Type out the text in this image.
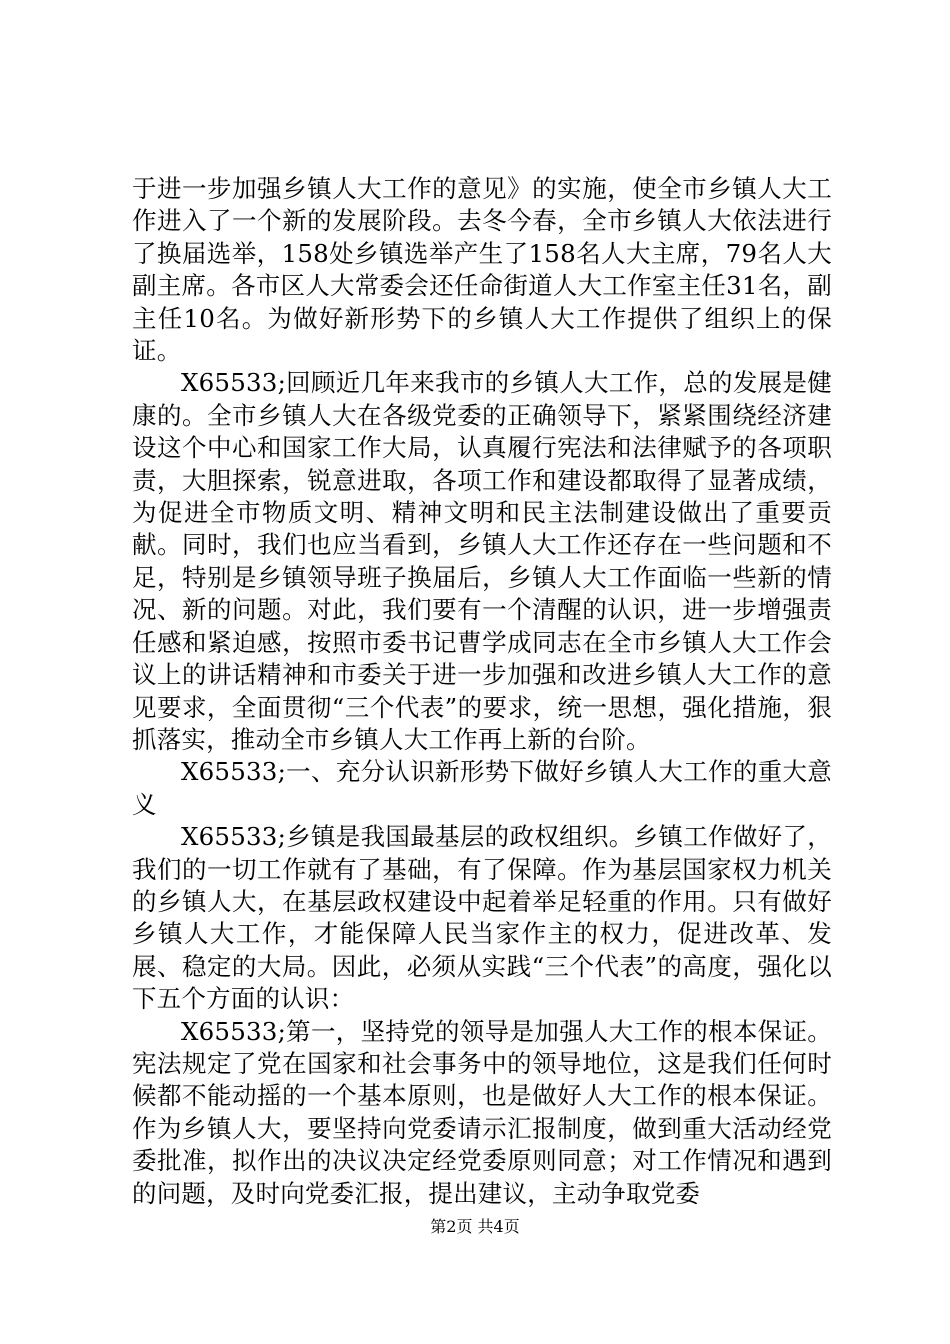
于进一步加强乡镇人大工作的意见》的实施，使全市乡镇人大工作进入了一个新的发展阶段。去冬今春，全市乡镇人大依法进行了换届选举，158处乡镇选举产生了158名人大主席，79名人大副主席。各市区人大常委会还任命街道人大工作室主任31名，副主任10名。为做好新形势下的乡镇人大工作提供了组织上的保证。

X65533;回顾近几年来我市的乡镇人大工作，总的发展是健康的。全市乡镇人大在各级党委的正确领导下，紧紧围绕经济建设这个中心和国家工作大局，认真履行宪法和法律赋予的各项职责，大胆探索，锐意进取，各项工作和建设都取得了显著成绩，为促进全市物质文明、精神文明和民主法制建设做出了重要贡献。同时，我们也应当看到，乡镇人大工作还存在一些问题和不足，特别是乡镇领导班子换届后，乡镇人大工作面临一些新的情况、新的问题。对此，我们要有一个清醒的认识，进一步增强责任感和紧迫感，按照市委书记曹学成同志在全市乡镇人大工作会议上的讲话精神和市委关于进一步加强和改进乡镇人大工作的意见要求，全面贯彻“三个代表”的要求，统一思想，强化措施，狠抓落实，推动全市乡镇人大工作再上新的台阶。

X65533;一、充分认识新形势下做好乡镇人大工作的重大意义

X65533;乡镇是我国最基层的政权组织。乡镇工作做好了，我们的一切工作就有了基础，有了保障。作为基层国家权力机关的乡镇人大，在基层政权建设中起着举足轻重的作用。只有做好乡镇人大工作，才能保障人民当家作主的权力，促进改革、发展、稳定的大局。因此，必须从实践“三个代表”的高度，强化以下五个方面的认识：

X65533;第一，坚持党的领导是加强人大工作的根本保证。宪法规定了党在国家和社会事务中的领导地位，这是我们任何时候都不能动摇的一个基本原则，也是做好人大工作的根本保证。作为乡镇人大，要坚持向党委请示汇报制度，做到重大活动经党委批准，拟作出的决议决定经党委原则同意；对工作情况和遇到的问题，及时向党委汇报，提出建议，主动争取党委

第2页 共4页
